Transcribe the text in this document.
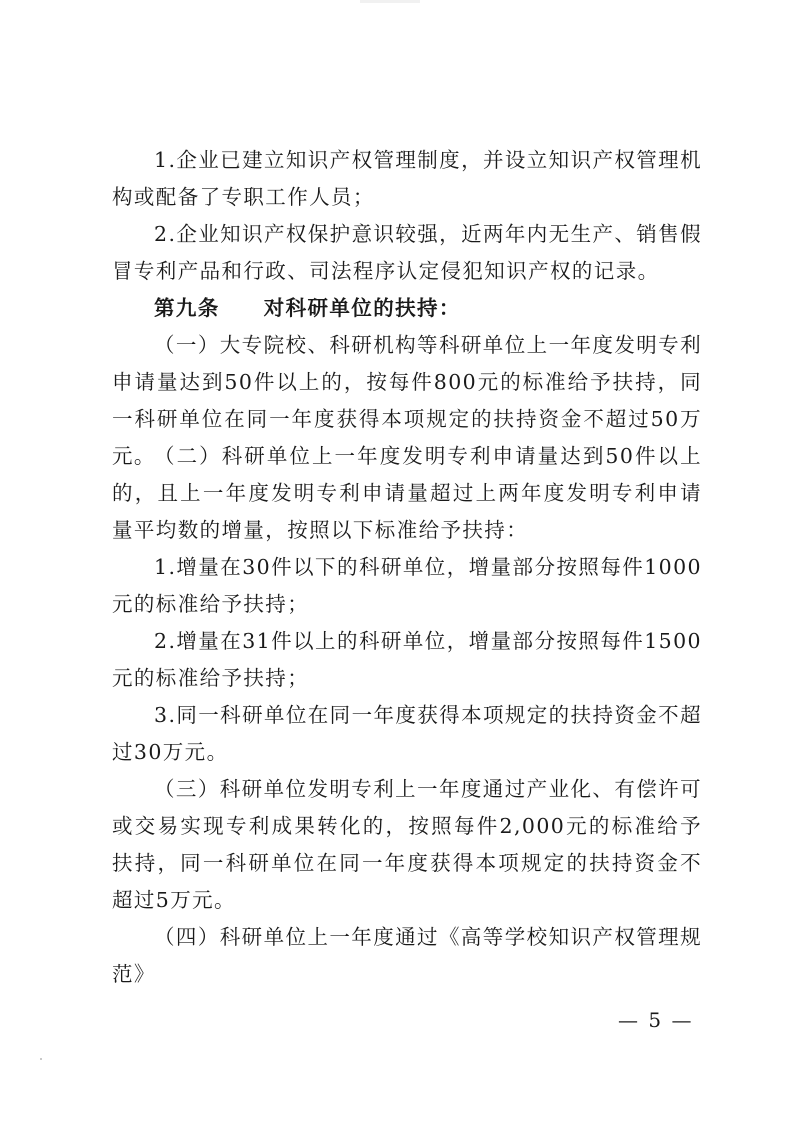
1.企业已建立知识产权管理制度，并设立知识产权管理机构或配备了专职工作人员；

2.企业知识产权保护意识较强，近两年内无生产、销售假冒专利产品和行政、司法程序认定侵犯知识产权的记录。

第九条 对科研单位的扶持：

（一）大专院校、科研机构等科研单位上一年度发明专利申请量达到50件以上的，按每件800元的标准给予扶持，同一科研单位在同一年度获得本项规定的扶持资金不超过50万元。

（二）科研单位上一年度发明专利申请量达到50件以上的，且上一年度发明专利申请量超过上两年度发明专利申请量平均数的增量，按照以下标准给予扶持：

1.增量在30件以下的科研单位，增量部分按照每件1000元的标准给予扶持；

2.增量在31件以上的科研单位，增量部分按照每件1500元的标准给予扶持；

3.同一科研单位在同一年度获得本项规定的扶持资金不超过30万元。

（三）科研单位发明专利上一年度通过产业化、有偿许可或交易实现专利成果转化的，按照每件2,000元的标准给予扶持，同一科研单位在同一年度获得本项规定的扶持资金不超过5万元。

（四）科研单位上一年度通过《高等学校知识产权管理规范》

— 5 —
